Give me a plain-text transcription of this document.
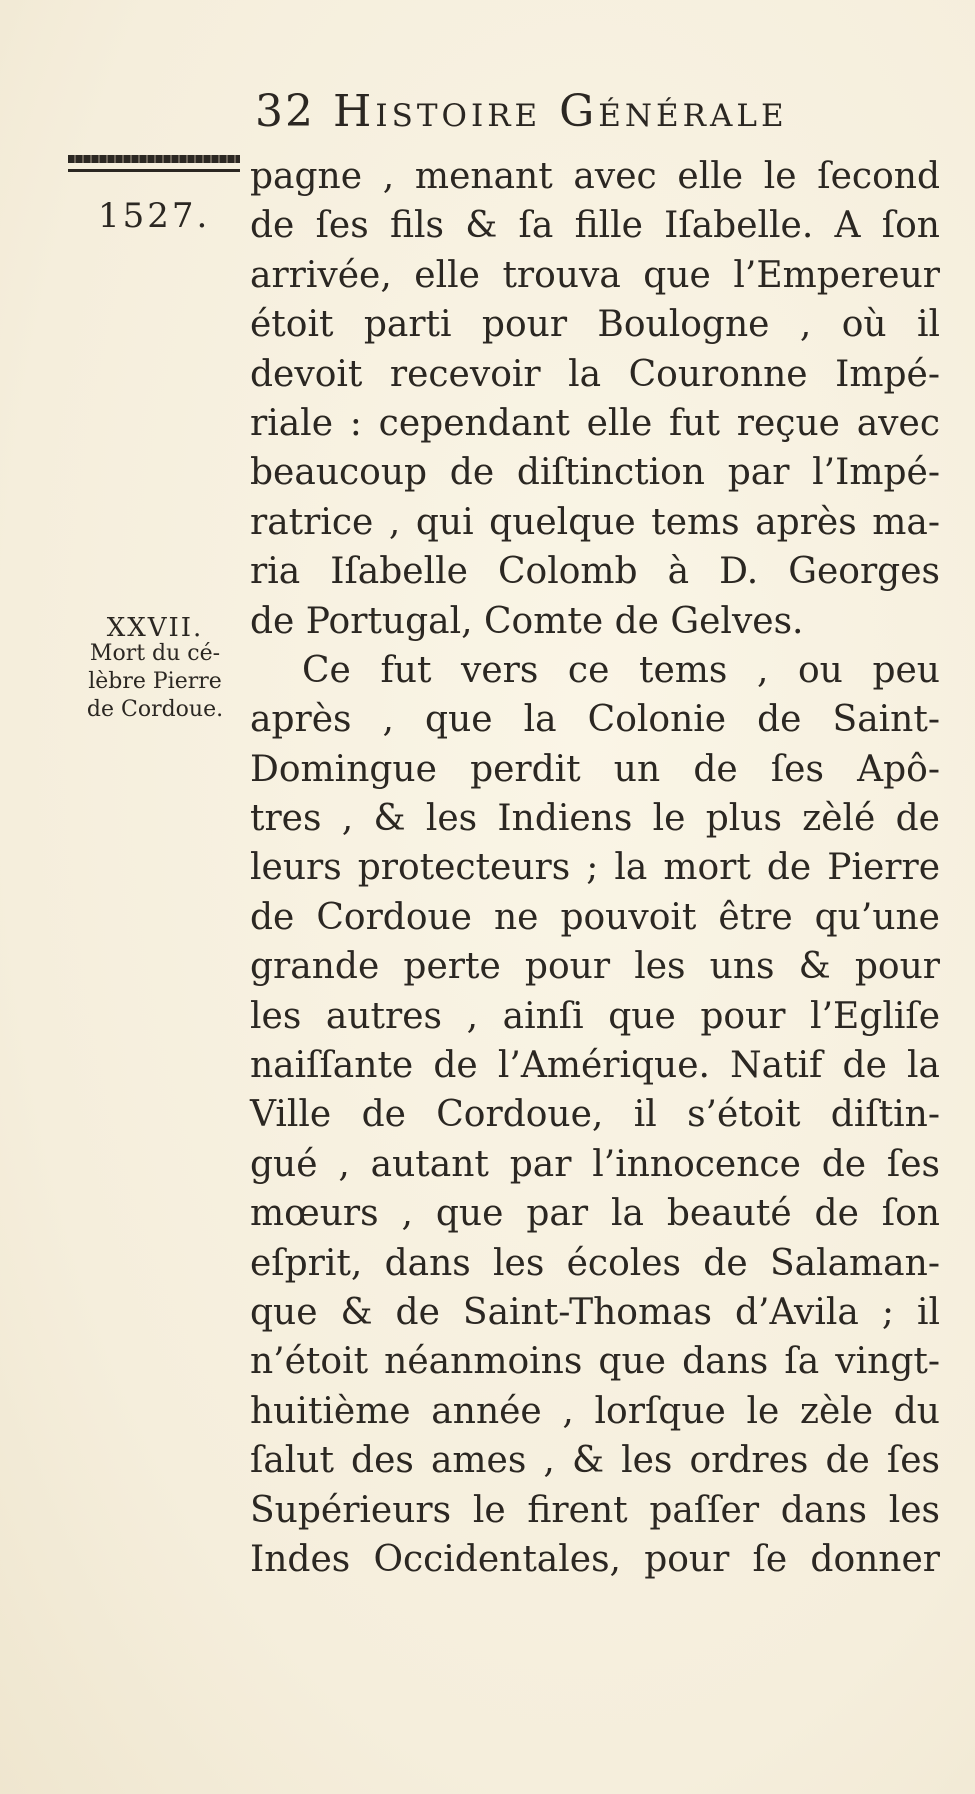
32 Histoire Générale
1527.
XXVII.
Mort du cé-
lèbre Pierre
de Cordoue.
pagne , menant avec elle le ſecond
de ſes fils & ſa fille Iſabelle. A ſon
arrivée, elle trouva que l’Empereur
étoit parti pour Boulogne , où il
devoit recevoir la Couronne Impé-
riale : cependant elle fut reçue avec
beaucoup de diſtinction par l’Impé-
ratrice , qui quelque tems après ma-
ria Iſabelle Colomb à D. Georges
de Portugal, Comte de Gelves.
Ce fut vers ce tems , ou peu
après , que la Colonie de Saint-
Domingue perdit un de ſes Apô-
tres , & les Indiens le plus zèlé de
leurs protecteurs ; la mort de Pierre
de Cordoue ne pouvoit être qu’une
grande perte pour les uns & pour
les autres , ainſi que pour l’Egliſe
naiſſante de l’Amérique. Natif de la
Ville de Cordoue, il s’étoit diſtin-
gué , autant par l’innocence de ſes
mœurs , que par la beauté de ſon
eſprit, dans les écoles de Salaman-
que & de Saint-Thomas d’Avila ; il
n’étoit néanmoins que dans ſa vingt-
huitième année , lorſque le zèle du
ſalut des ames , & les ordres de ſes
Supérieurs le firent paſſer dans les
Indes Occidentales, pour ſe donner
